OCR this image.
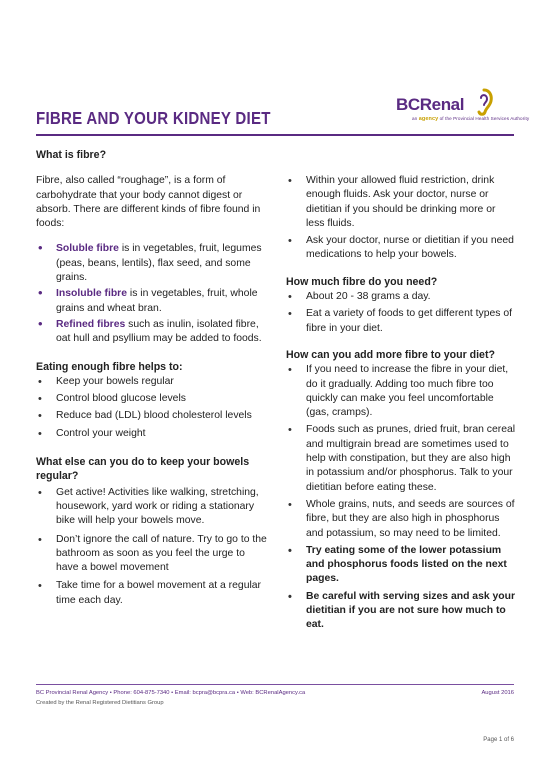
FIBRE AND YOUR KIDNEY DIET
BCRenal
an agency of the Provincial Health Services Authority
What is fibre?

Fibre, also called “roughage”, is a form of carbohydrate that your body cannot digest or absorb. There are different kinds of fibre found in foods:

• Soluble fibre is in vegetables, fruit, legumes (peas, beans, lentils), flax seed, and some grains.
• Insoluble fibre is in vegetables, fruit, whole grains and wheat bran.
• Refined fibres such as inulin, isolated fibre, oat hull and psyllium may be added to foods.
Eating enough fibre helps to:
• Keep your bowels regular
• Control blood glucose levels
• Reduce bad (LDL) blood cholesterol levels
• Control your weight
What else can you do to keep your bowels regular?
• Get active! Activities like walking, stretching, housework, yard work or riding a stationary bike will help your bowels move.
• Don’t ignore the call of nature. Try to go to the bathroom as soon as you feel the urge to have a bowel movement
• Take time for a bowel movement at a regular time each day.
• Within your allowed fluid restriction, drink enough fluids. Ask your doctor, nurse or dietitian if you should be drinking more or less fluids.
• Ask your doctor, nurse or dietitian if you need medications to help your bowels.
How much fibre do you need?
• About 20 - 38 grams a day.
• Eat a variety of foods to get different types of fibre in your diet.
How can you add more fibre to your diet?
• If you need to increase the fibre in your diet, do it gradually. Adding too much fibre too quickly can make you feel uncomfortable (gas, cramps).
• Foods such as prunes, dried fruit, bran cereal and multigrain bread are sometimes used to help with constipation, but they are also high in potassium and/or phosphorus. Talk to your dietitian before eating these.
• Whole grains, nuts, and seeds are sources of fibre, but they are also high in phosphorus and potassium, so may need to be limited.
• Try eating some of the lower potassium and phosphorus foods listed on the next pages.
• Be careful with serving sizes and ask your dietitian if you are not sure how much to eat.
BC Provincial Renal Agency • Phone: 604-875-7340 • Email: bcpra@bcpra.ca • Web: BCRenalAgency.ca	August 2016
Created by the Renal Registered Dietitians Group
Page 1 of 6
